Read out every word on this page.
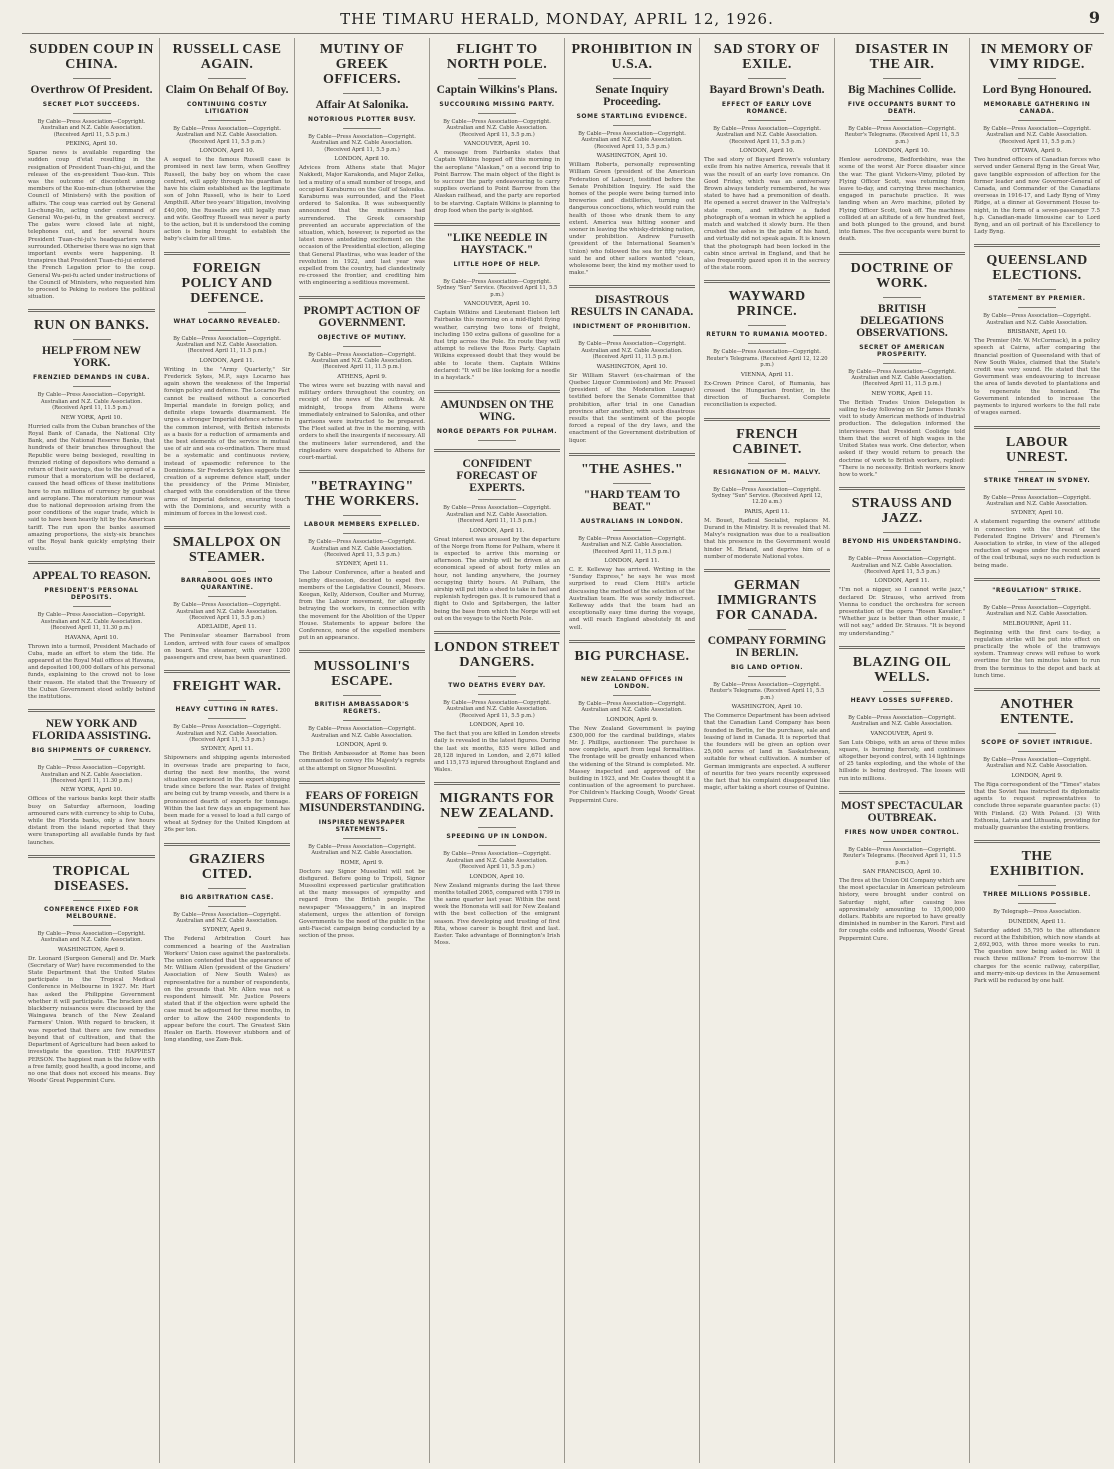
THE TIMARU HERALD, MONDAY, APRIL 12, 1926.	9
SUDDEN COUP IN CHINA.
Overthrow Of President.
SECRET PLOT SUCCEEDS.
By Cable—Press Association—Copyright. Australian and N.Z. Cable Association. (Received April 11, 5.5 p.m.)
PEKING, April 10.
Sparse news is available regarding the sudden coup d'etat resulting in the resignation of President Tuan-chi-jui, and the release of the ex-president Tsao-kun. This was the outcome of discontent among members of the Kuo-min-chun (otherwise the Council of Ministers) with the position of affairs. The coup was carried out by General Lu-chung-lin, acting under command of General Wu-pei-fu, in the greatest secrecy. The gates were closed late at night, telephones cut, and for several hours President Tuan-chi-jui's headquarters were surrounded. Otherwise there was no sign that important events were happening. It transpires that President Tuan-chi-jui entered the French Legation prior to the coup. General Wu-pei-fu acted under instructions of the Council of Ministers, who requested him to proceed to Peking to restore the political situation.
RUN ON BANKS.
HELP FROM NEW YORK.
FRENZIED DEMANDS IN CUBA.
By Cable—Press Association—Copyright. Australian and N.Z. Cable Association. (Received April 11, 11.5 p.m.)
NEW YORK, April 10.
Hurried calls from the Cuban branches of the Royal Bank of Canada, the National City Bank, and the National Reserve Banks, that hundreds of their branches throughout the Republic were being besieged, resulting in frenzied rioting of depositors who demand a return of their savings, due to the spread of a rumour that a moratorium will be declared, caused the head offices of these institutions here to run millions of currency by gunboat and aeroplane. The moratorium rumour was due to national depression arising from the poor conditions of the sugar trade, which is said to have been heavily hit by the American tariff. The run upon the banks assumed amazing proportions, the sixty-six branches of the Royal bank quickly emptying their vaults.
APPEAL TO REASON.
PRESIDENT'S PERSONAL DEPOSITS.
By Cable—Press Association—Copyright. Australian and N.Z. Cable Association. (Received April 11, 11.30 p.m.)
HAVANA, April 10.
Thrown into a turmoil, President Machado of Cuba, made an effort to stem the tide. He appeared at the Royal Mail offices at Havana, and deposited 100,000 dollars of his personal funds, explaining to the crowd not to lose their reason. He stated that the Treasury of the Cuban Government stood solidly behind the institutions.
NEW YORK AND FLORIDA ASSISTING.
BIG SHIPMENTS OF CURRENCY.
By Cable—Press Association—Copyright. Australian and N.Z. Cable Association. (Received April 11, 11.30 p.m.)
NEW YORK, April 10.
Offices of the various banks kept their staffs busy on Saturday afternoon, loading armoured cars with currency to ship to Cuba, while the Florida banks, only a few hours distant from the island reported that they were transporting all available funds by fast launches.
TROPICAL DISEASES.
CONFERENCE FIXED FOR MELBOURNE.
By Cable—Press Association—Copyright. Australian and N.Z. Cable Association.
WASHINGTON, April 9.
Dr. Leonard (Surgeon General) and Dr. Mark (Secretary of War) have recommended to the State Department that the United States participate in the Tropical Medical Conference in Melbourne in 1927. Mr. Hart has asked the Philippine Government whether it will participate. The bracken and blackberry nuisances were discussed by the Waingawa branch of the New Zealand Farmers' Union. With regard to bracken, it was reported that there are few remedies beyond that of cultivation, and that the Department of Agriculture had been asked to investigate the question. THE HAPPIEST PERSON. The happiest man is the fellow with a free family, good health, a good income, and no one that does not exceed his means. Buy Woods' Great Peppermint Cure.
RUSSELL CASE AGAIN.
Claim On Behalf Of Boy.
CONTINUING COSTLY LITIGATION
By Cable—Press Association—Copyright. Australian and N.Z. Cable Association. (Received April 11, 5.5 p.m.)
LONDON, April 10.
A sequel to the famous Russell case is promised in next law term, when Geoffrey Russell, the baby boy on whom the case centred, will apply through his guardian to have his claim established as the legitimate son of John Russell, who is heir to Lord Ampthill. After two years' litigation, involving £40,000, the Russells are still legally man and wife. Geoffrey Russell was never a party to the action, but it is understood the coming action is being brought to establish the baby's claim for all time.
FOREIGN POLICY AND DEFENCE.
WHAT LOCARNO REVEALED.
By Cable—Press Association—Copyright. Australian and N.Z. Cable Association. (Received April 11, 11.5 p.m.)
LONDON, April 11.
Writing in the "Army Quarterly," Sir Frederick Sykes, M.P., says Locarno has again shown the weakness of the Imperial foreign policy and defence. The Locarno Pact cannot be realised without a concerted Imperial mandate in foreign policy, and definite steps towards disarmament. He urges a stronger Imperial defence scheme in the common interest, with British interests as a basis for a reduction of armaments and the best elements of the service in mutual use of air and sea co-ordination. There must be a systematic and continuous review, instead of spasmodic reference to the Dominions. Sir Frederick Sykes suggests the creation of a supreme defence staff, under the presidency of the Prime Minister, charged with the consideration of the three arms of Imperial defence, ensuring touch with the Dominions, and security with a minimum of forces in the lowest cost.
SMALLPOX ON STEAMER.
BARRABOOL GOES INTO QUARANTINE.
By Cable—Press Association—Copyright. Australian and N.Z. Cable Association. (Received April 11, 5.5 p.m.)
ADELAIDE, April 11.
The Peninsular steamer Barrabool from London, arrived with four cases of smallpox on board. The steamer, with over 1200 passengers and crew, has been quarantined.
FREIGHT WAR.
HEAVY CUTTING IN RATES.
By Cable—Press Association—Copyright. Australian and N.Z. Cable Association. (Received April 11, 5.5 p.m.)
SYDNEY, April 11.
Shipowners and shipping agents interested in overseas trade are preparing to face, during the next few months, the worst situation experienced in the export shipping trade since before the war. Rates of freight are being cut by tramp vessels, and there is a pronounced dearth of exports for tonnage. Within the last few days an engagement has been made for a vessel to load a full cargo of wheat at Sydney for the United Kingdom at 26s per ton.
GRAZIERS CITED.
BIG ARBITRATION CASE.
By Cable—Press Association—Copyright. Australian and N.Z. Cable Association.
SYDNEY, April 9.
The Federal Arbitration Court has commenced a hearing of the Australian Workers' Union case against the pastoralists. The union contended that the appearance of Mr. William Allen (president of the Graziers' Association of New South Wales) as representative for a number of respondents, on the grounds that Mr. Allen was not a respondent himself. Mr. Justice Powers stated that if the objection were upheld the case must be adjourned for three months, in order to allow the 2400 respondents to appear before the court. The Greatest Skin Healer on Earth. However stubborn and of long standing, use Zam-Buk.
MUTINY OF GREEK OFFICERS.
Affair At Salonika.
NOTORIOUS PLOTTER BUSY.
By Cable—Press Association—Copyright. Australian and N.Z. Cable Association. (Received April 11, 5.5 p.m.)
LONDON, April 10.
Advices from Athens state that Major Nakkedi, Major Karakonda, and Major Zelka, led a mutiny of a small number of troops, and occupied Karaburnu on the Gulf of Salonika. Karaburnu was surrounded, and the Fleet ordered to Salonika. It was subsequently announced that the mutineers had surrendered. The Greek censorship prevented an accurate appreciation of the situation, which, however, is reported as the latest move antedating excitement on the occasion of the Presidential election, alleging that General Plastiras, who was leader of the revolution in 1922, and last year was expelled from the country, had clandestinely re-crossed the frontier, and crediting him with engineering a seditious movement.
PROMPT ACTION OF GOVERNMENT.
OBJECTIVE OF MUTINY.
By Cable—Press Association—Copyright. Australian and N.Z. Cable Association. (Received April 11, 11.5 p.m.)
ATHENS, April 9.
The wires were set buzzing with naval and military orders throughout the country, on receipt of the news of the outbreak. At midnight, troops from Athens were immediately entrained to Salonika, and other garrisons were instructed to be prepared. The Fleet sailed at five in the morning, with orders to shell the insurgents if necessary. All the mutineers later surrendered, and the ringleaders were despatched to Athens for court-martial.
"BETRAYING" THE WORKERS.
LABOUR MEMBERS EXPELLED.
By Cable—Press Association—Copyright. Australian and N.Z. Cable Association. (Received April 11, 5.5 p.m.)
SYDNEY, April 11.
The Labour Conference, after a heated and lengthy discussion, decided to expel five members of the Legislative Council, Messrs. Keegan, Kelly, Alderson, Coulter and Murray, from the Labour movement, for allegedly betraying the workers, in connection with the movement for the Abolition of the Upper House. Statements to appear before the Conference, none of the expelled members put in an appearance.
MUSSOLINI'S ESCAPE.
BRITISH AMBASSADOR'S REGRETS.
By Cable—Press Association—Copyright. Australian and N.Z. Cable Association.
LONDON, April 9.
The British Ambassador at Rome has been commanded to convey His Majesty's regrets at the attempt on Signor Mussolini.
FEARS OF FOREIGN MISUNDERSTANDING.
INSPIRED NEWSPAPER STATEMENTS.
By Cable—Press Association—Copyright. Australian and N.Z. Cable Association.
ROME, April 9.
Doctors say Signor Mussolini will not be disfigured. Before going to Tripoli, Signor Mussolini expressed particular gratification at the many messages of sympathy and regard from the British people. The newspaper "Messaggero," in an inspired statement, urges the attention of foreign Governments to the need of the public in the anti-Fascist campaign being conducted by a section of the press.
FLIGHT TO NORTH POLE.
Captain Wilkins's Plans.
SUCCOURING MISSING PARTY.
By Cable—Press Association—Copyright. Australian and N.Z. Cable Association. (Received April 11, 5.5 p.m.)
VANCOUVER, April 10.
A message from Fairbanks states that Captain Wilkins hopped off this morning in the aeroplane "Alaskan," on a second trip to Point Barrow. The main object of the flight is to succour the party endeavouring to carry supplies overland to Point Barrow from the Alaskan railhead, and the party are reported to be starving. Captain Wilkins is planning to drop food when the party is sighted.
"LIKE NEEDLE IN HAYSTACK."
LITTLE HOPE OF HELP.
By Cable—Press Association—Copyright. Sydney "Sun" Service. (Received April 11, 5.5 p.m.)
VANCOUVER, April 10.
Captain Wilkins and Lieutenant Eielson left Fairbanks this morning on a mid-flight flying weather, carrying two tons of freight, including 150 extra gallons of gasoline for a fuel trip across the Pole. En route they will attempt to relieve the Ross Party. Captain Wilkins expressed doubt that they would be able to locate them. Captain Wilkins declared: "It will be like looking for a needle in a haystack."
AMUNDSEN ON THE WING.
NORGE DEPARTS FOR PULHAM.
CONFIDENT FORECAST OF EXPERTS.
By Cable—Press Association—Copyright. Australian and N.Z. Cable Association. (Received April 11, 11.5 p.m.)
LONDON, April 11.
Great interest was aroused by the departure of the Norge from Rome for Pulham, where it is expected to arrive this morning or afternoon. The airship will be driven at an economical speed of about forty miles an hour, not landing anywhere, the journey occupying thirty hours. At Pulham, the airship will put into a shed to take in fuel and replenish hydrogen gas. It is rumoured that a flight to Oslo and Spitsbergen, the latter being the base from which the Norge will set out on the voyage to the North Pole.
LONDON STREET DANGERS.
TWO DEATHS EVERY DAY.
By Cable—Press Association—Copyright. Australian and N.Z. Cable Association. (Received April 11, 5.5 p.m.)
LONDON, April 10.
The fact that you are killed in London streets daily is revealed in the latest figures. During the last six months, 835 were killed and 28,128 injured in London, and 2,671 killed and 115,173 injured throughout England and Wales.
MIGRANTS FOR NEW ZEALAND.
SPEEDING UP IN LONDON.
By Cable—Press Association—Copyright. Australian and N.Z. Cable Association. (Received April 11, 5.5 p.m.)
LONDON, April 10.
New Zealand migrants during the last three months totalled 2065, compared with 1799 in the same quarter last year. Within the next week the Hononsta will sail for New Zealand with the best collection of the emigrant season. Five developing and trusting of first Rita, whose career is bought first and last. Easter. Take advantage of Bonnington's Irish Moss.
PROHIBITION IN U.S.A.
Senate Inquiry Proceeding.
SOME STARTLING EVIDENCE.
By Cable—Press Association—Copyright. Australian and N.Z. Cable Association. (Received April 11, 5.5 p.m.)
WASHINGTON, April 10.
William Roberts, personally representing William Green (president of the American Federation of Labour), testified before the Senate Prohibition Inquiry. He said the homes of the people were being turned into breweries and distilleries, turning out dangerous concoctions, which would ruin the health of those who drank them to any extent. America was hitting sooner and sooner in leaving the whisky-drinking nation, under prohibition. Andrew Furuseth (president of the International Seamen's Union) who followed the sea for fifty years, said he and other sailors wanted "clean, wholesome beer, the kind my mother used to make."
DISASTROUS RESULTS IN CANADA.
INDICTMENT OF PROHIBITION.
By Cable—Press Association—Copyright. Australian and N.Z. Cable Association. (Received April 11, 11.5 p.m.)
WASHINGTON, April 10.
Sir William Stavert (ex-chairman of the Quebec Liquor Commission) and Mr. Prassel (president of the Moderation League) testified before the Senate Committee that prohibition, after trial in one Canadian province after another, with such disastrous results that the sentiment of the people forced a repeal of the dry laws, and the enactment of the Government distribution of liquor.
"THE ASHES."
"HARD TEAM TO BEAT."
AUSTRALIANS IN LONDON.
By Cable—Press Association—Copyright. Australian and N.Z. Cable Association. (Received April 11, 11.5 p.m.)
LONDON, April 11.
C. E. Kelleway has arrived. Writing in the "Sunday Express," he says he was most surprised to read Clem Hill's article discussing the method of the selection of the Australian team. He was sorely indiscreet. Kelleway adds that the team had an exceptionally easy time during the voyage, and will reach England absolutely fit and well.
BIG PURCHASE.
NEW ZEALAND OFFICES IN LONDON.
By Cable—Press Association—Copyright. Australian and N.Z. Cable Association.
LONDON, April 9.
The New Zealand Government is paying £300,000 for the cardinal buildings, states Mr. J. Phillips, auctioneer. The purchase is now complete, apart from legal formalities. The frontage will be greatly enhanced when the widening of the Strand is completed. Mr. Massey inspected and approved of the building in 1923, and Mr. Coates thought it a continuation of the agreement to purchase. For Children's Hacking Cough, Woods' Great Peppermint Cure.
SAD STORY OF EXILE.
Bayard Brown's Death.
EFFECT OF EARLY LOVE ROMANCE.
By Cable—Press Association—Copyright. Australian and N.Z. Cable Association. (Received April 11, 5.5 p.m.)
LONDON, April 10.
The sad story of Bayard Brown's voluntary exile from his native America, reveals that it was the result of an early love romance. On Good Friday, which was an anniversary Brown always tenderly remembered, he was stated to have had a premonition of death. He opened a secret drawer in the Valfreyia's state room, and withdrew a faded photograph of a woman in which he applied a match and watched it slowly burn. He then crushed the ashes in the palm of his hand, and virtually did not speak again. It is known that the photograph had been locked in the cabin since arrival in England, and that he also frequently gazed upon it in the secrecy of the state room.
WAYWARD PRINCE.
RETURN TO RUMANIA MOOTED.
By Cable—Press Association—Copyright. Reuter's Telegrams. (Received April 12, 12.20 p.m.)
VIENNA, April 11.
Ex-Crown Prince Carol, of Rumania, has crossed the Hungarian frontier, in the direction of Bucharest. Complete reconciliation is expected.
FRENCH CABINET.
RESIGNATION OF M. MALVY.
By Cable—Press Association—Copyright. Sydney "Sun" Service. (Received April 12, 12.20 a.m.)
PARIS, April 11.
M. Bouet, Radical Socialist, replaces M. Durand in the Ministry. It is revealed that M. Malvy's resignation was due to a realisation that his presence in the Government would hinder M. Briand, and deprive him of a number of moderate National votes.
GERMAN IMMIGRANTS FOR CANADA.
COMPANY FORMING IN BERLIN.
BIG LAND OPTION.
By Cable—Press Association—Copyright. Reuter's Telegrams. (Received April 11, 5.5 p.m.)
WASHINGTON, April 10.
The Commerce Department has been advised that the Canadian Land Company has been founded in Berlin, for the purchase, sale and leasing of land in Canada. It is reported that the founders will be given an option over 25,000 acres of land in Saskatchewan, suitable for wheat cultivation. A number of German immigrants are expected. A sufferer of neuritis for two years recently expressed the fact that his complaint disappeared like magic, after taking a short course of Quinine.
DISASTER IN THE AIR.
Big Machines Collide.
FIVE OCCUPANTS BURNT TO DEATH.
By Cable—Press Association—Copyright. Reuter's Telegrams. (Received April 11, 5.5 p.m.)
LONDON, April 10.
Henlow aerodrome, Bedfordshire, was the scene of the worst Air Force disaster since the war. The giant Vickers-Vimy, piloted by Flying Officer Scott, was returning from leave to-day, and carrying three mechanics, engaged in parachute practice. It was landing when an Avro machine, piloted by Flying Officer Scott, took off. The machines collided at an altitude of a few hundred feet, and both plunged to the ground, and burst into flames. The five occupants were burnt to death.
DOCTRINE OF WORK.
BRITISH DELEGATIONS OBSERVATIONS.
SECRET OF AMERICAN PROSPERITY.
By Cable—Press Association—Copyright. Australian and N.Z. Cable Association. (Received April 11, 11.5 p.m.)
NEW YORK, April 11.
The British Trades Union Delegation is sailing to-day following on Sir James Hunk's visit to study American methods of industrial production. The delegation informed the interviewers that President Coolidge told them that the secret of high wages in the United States was work. One detector, when asked if they would return to preach the doctrine of work to British workers, replied: "There is no necessity. British workers know how to work."
STRAUSS AND JAZZ.
BEYOND HIS UNDERSTANDING.
By Cable—Press Association—Copyright. Australian and N.Z. Cable Association. (Received April 11, 5.5 p.m.)
LONDON, April 11.
"I'm not a nigger, so I cannot write jazz," declared Dr. Strauss, who arrived from Vienna to conduct the orchestra for screen presentation of the opera "Rosen Kavalier." "Whether jazz is better than other music, I will not say," added Dr. Strauss. "It is beyond my understanding."
BLAZING OIL WELLS.
HEAVY LOSSES SUFFERED.
By Cable—Press Association—Copyright. Australian and N.Z. Cable Association.
VANCOUVER, April 9.
San Luis Obispo, with an area of three miles square, is burning fiercely, and continues altogether beyond control, with 14 lightnings of 25 tanks exploding, and the whole of the hillside is being destroyed. The losses will run into millions.
MOST SPECTACULAR OUTBREAK.
FIRES NOW UNDER CONTROL.
By Cable—Press Association—Copyright. Reuter's Telegrams. (Received April 11, 11.5 p.m.)
SAN FRANCISCO, April 10.
The fires at the Union Oil Company which are the most spectacular in American petroleum history, were brought under control on Saturday night, after causing loss approximately amounting to 15,000,000 dollars. Rabbits are reported to have greatly diminished in number in the Karori. First aid for coughs colds and influenza, Woods' Great Peppermint Cure.
IN MEMORY OF VIMY RIDGE.
Lord Byng Honoured.
MEMORABLE GATHERING IN CANADA.
By Cable—Press Association—Copyright. Australian and N.Z. Cable Association. (Received April 11, 5.5 p.m.)
OTTAWA, April 9.
Two hundred officers of Canadian forces who served under General Byng in the Great War, gave tangible expression of affection for the former leader and now Governor-General of Canada, and Commander of the Canadians overseas in 1916-17, and Lady Byng of Vimy Ridge, at a dinner at Government House to-night, in the form of a seven-passenger 7.5 h.p. Canadian-made limousine car to Lord Byng, and an oil portrait of his Excellency to Lady Byng.
QUEENSLAND ELECTIONS.
STATEMENT BY PREMIER.
By Cable—Press Association—Copyright. Australian and N.Z. Cable Association.
BRISBANE, April 10.
The Premier (Mr. W. McCormack), in a policy speech at Cairns, after comparing the financial position of Queensland with that of New South Wales, claimed that the State's credit was very sound. He stated that the Government was endeavouring to increase the area of lands devoted to plantations and to regenerate the homeland. The Government intended to increase the payments to injured workers to the full rate of wages earned.
LABOUR UNREST.
STRIKE THREAT IN SYDNEY.
By Cable—Press Association—Copyright. Australian and N.Z. Cable Association.
SYDNEY, April 10.
A statement regarding the owners' attitude in connection with the threat of the Federated Engine Drivers' and Firemen's Association to strike, in view of the alleged reduction of wages under the recent award of the coal tribunal, says no such reduction is being made.
"REGULATION" STRIKE.
By Cable—Press Association—Copyright. Australian and N.Z. Cable Association.
MELBOURNE, April 11.
Beginning with the first cars to-day, a regulation strike will be put into effect on practically the whole of the tramways system. Tramway crews will refuse to work overtime for the ten minutes taken to run from the terminus to the depot and back at lunch time.
ANOTHER ENTENTE.
SCOPE OF SOVIET INTRIGUE.
By Cable—Press Association—Copyright. Australian and N.Z. Cable Association.
LONDON, April 9.
The Riga correspondent of the "Times" states that the Soviet has instructed its diplomatic agents to request representatives to conclude three separate guarantee pacts: (1) With Finland. (2) With Poland. (3) With Esthonia, Latvia and Lithuania, providing for mutually guarantee the existing frontiers.
THE EXHIBITION.
THREE MILLIONS POSSIBLE.
By Telegraph—Press Association.
DUNEDIN, April 11.
Saturday added 55,795 to the attendance record at the Exhibition, which now stands at 2,692,903, with three more weeks to run. The question now being asked is: Will it reach three millions? From to-morrow the charges for the scenic railway, caterpillar, and merry-mix-up devices in the Amusement Park will be reduced by one half.
